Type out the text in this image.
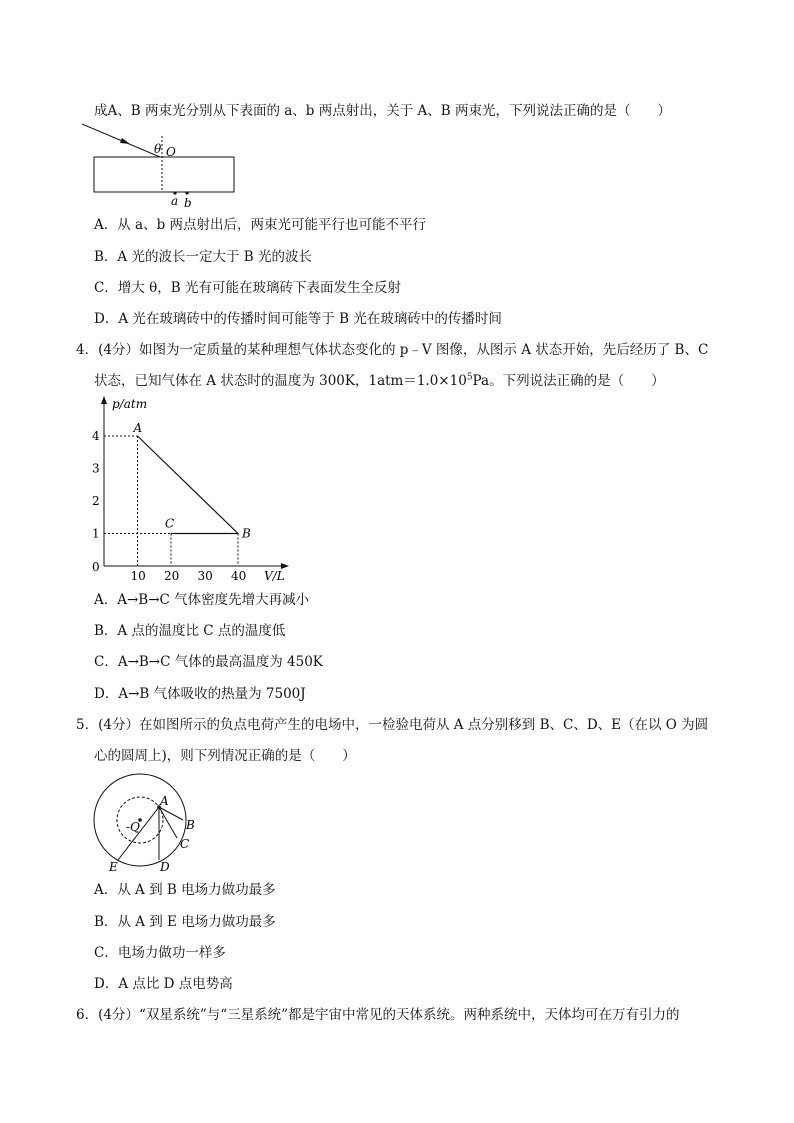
成A、B 两束光分别从下表面的 a、b 两点射出，关于 A、B 两束光，下列说法正确的是（　　）
θ O
a b
A．从 a、b 两点射出后，两束光可能平行也可能不平行
B．A 光的波长一定大于 B 光的波长
C．增大 θ，B 光有可能在玻璃砖下表面发生全反射
D．A 光在玻璃砖中的传播时间可能等于 B 光在玻璃砖中的传播时间
4．(4分）如图为一定质量的某种理想气体状态变化的 p﹣V 图像，从图示 A 状态开始，先后经历了 B、C
状态，已知气体在 A 状态时的温度为 300K，$1atm=1.0\times 10^5Pa$。下列说法正确的是（　　）
p/atm
V/L
0
10 20 30 40
1
2
3
4
A
B
C
A．A→B→C 气体密度先增大再减小
B．A 点的温度比 C 点的温度低
C．A→B→C 气体的最高温度为 450K
D．A→B 气体吸收的热量为 7500J
5．(4分）在如图所示的负点电荷产生的电场中，一检验电荷从 A 点分别移到 B、C、D、E（在以 O 为圆
心的圆周上)，则下列情况正确的是（　　）
-Q
A
B
C
D
E
A．从 A 到 B 电场力做功最多
B．从 A 到 E 电场力做功最多
C．电场力做功一样多
D．A 点比 D 点电势高
6．(4分）“双星系统”与“三星系统”都是宇宙中常见的天体系统。两种系统中，天体均可在万有引力的
